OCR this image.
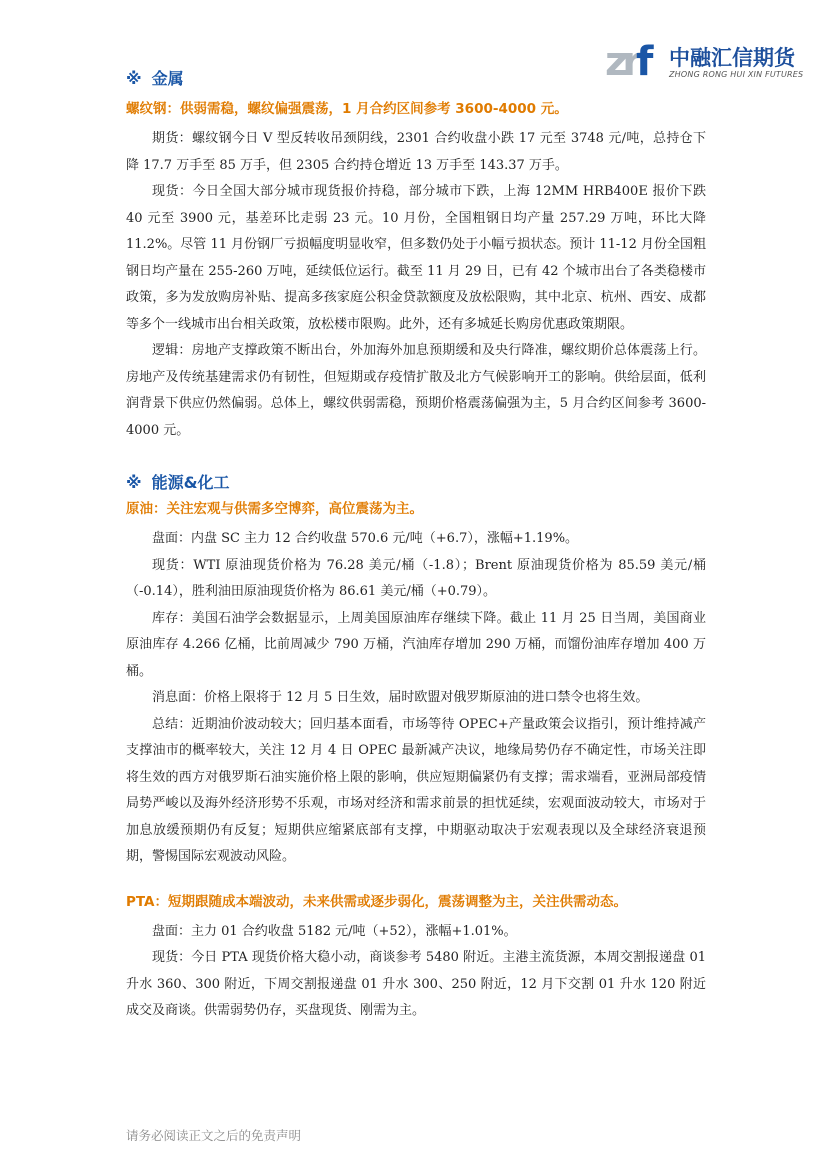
zrf 中融汇信期货
ZHONG RONG HUI XIN FUTURES
※ 金属
螺纹钢：供弱需稳，螺纹偏强震荡，1 月合约区间参考 3600-4000 元。

期货：螺纹钢今日 V 型反转收吊颈阴线，2301 合约收盘小跌 17 元至 3748 元/吨，总持仓下降 17.7 万手至 85 万手，但 2305 合约持仓增近 13 万手至 143.37 万手。

现货：今日全国大部分城市现货报价持稳，部分城市下跌，上海 12MM HRB400E 报价下跌 40 元至 3900 元，基差环比走弱 23 元。10 月份，全国粗钢日均产量 257.29 万吨，环比大降 11.2%。尽管 11 月份钢厂亏损幅度明显收窄，但多数仍处于小幅亏损状态。预计 11-12 月份全国粗钢日均产量在 255-260 万吨，延续低位运行。截至 11 月 29 日，已有 42 个城市出台了各类稳楼市政策，多为发放购房补贴、提高多孩家庭公积金贷款额度及放松限购，其中北京、杭州、西安、成都等多个一线城市出台相关政策，放松楼市限购。此外，还有多城延长购房优惠政策期限。

逻辑：房地产支撑政策不断出台，外加海外加息预期缓和及央行降准，螺纹期价总体震荡上行。房地产及传统基建需求仍有韧性，但短期或存疫情扩散及北方气候影响开工的影响。供给层面，低利润背景下供应仍然偏弱。总体上，螺纹供弱需稳，预期价格震荡偏强为主，5 月合约区间参考 3600-4000 元。

※ 能源&化工
原油：关注宏观与供需多空博弈，高位震荡为主。

盘面：内盘 SC 主力 12 合约收盘 570.6 元/吨（+6.7），涨幅+1.19%。

现货：WTI 原油现货价格为 76.28 美元/桶（-1.8）；Brent 原油现货价格为 85.59 美元/桶（-0.14），胜利油田原油现货价格为 86.61 美元/桶（+0.79）。

库存：美国石油学会数据显示，上周美国原油库存继续下降。截止 11 月 25 日当周，美国商业原油库存 4.266 亿桶，比前周减少 790 万桶，汽油库存增加 290 万桶，而馏份油库存增加 400 万桶。

消息面：价格上限将于 12 月 5 日生效，届时欧盟对俄罗斯原油的进口禁令也将生效。

总结：近期油价波动较大；回归基本面看，市场等待 OPEC+产量政策会议指引，预计维持减产支撑油市的概率较大，关注 12 月 4 日 OPEC 最新减产决议，地缘局势仍存不确定性，市场关注即将生效的西方对俄罗斯石油实施价格上限的影响，供应短期偏紧仍有支撑；需求端看，亚洲局部疫情局势严峻以及海外经济形势不乐观，市场对经济和需求前景的担忧延续，宏观面波动较大，市场对于加息放缓预期仍有反复；短期供应缩紧底部有支撑，中期驱动取决于宏观表现以及全球经济衰退预期，警惕国际宏观波动风险。

PTA：短期跟随成本端波动，未来供需或逐步弱化，震荡调整为主，关注供需动态。

盘面：主力 01 合约收盘 5182 元/吨（+52），涨幅+1.01%。

现货：今日 PTA 现货价格大稳小动，商谈参考 5480 附近。主港主流货源，本周交割报递盘 01 升水 360、300 附近，下周交割报递盘 01 升水 300、250 附近，12 月下交割 01 升水 120 附近成交及商谈。供需弱势仍存，买盘现货、刚需为主。

请务必阅读正文之后的免责声明
